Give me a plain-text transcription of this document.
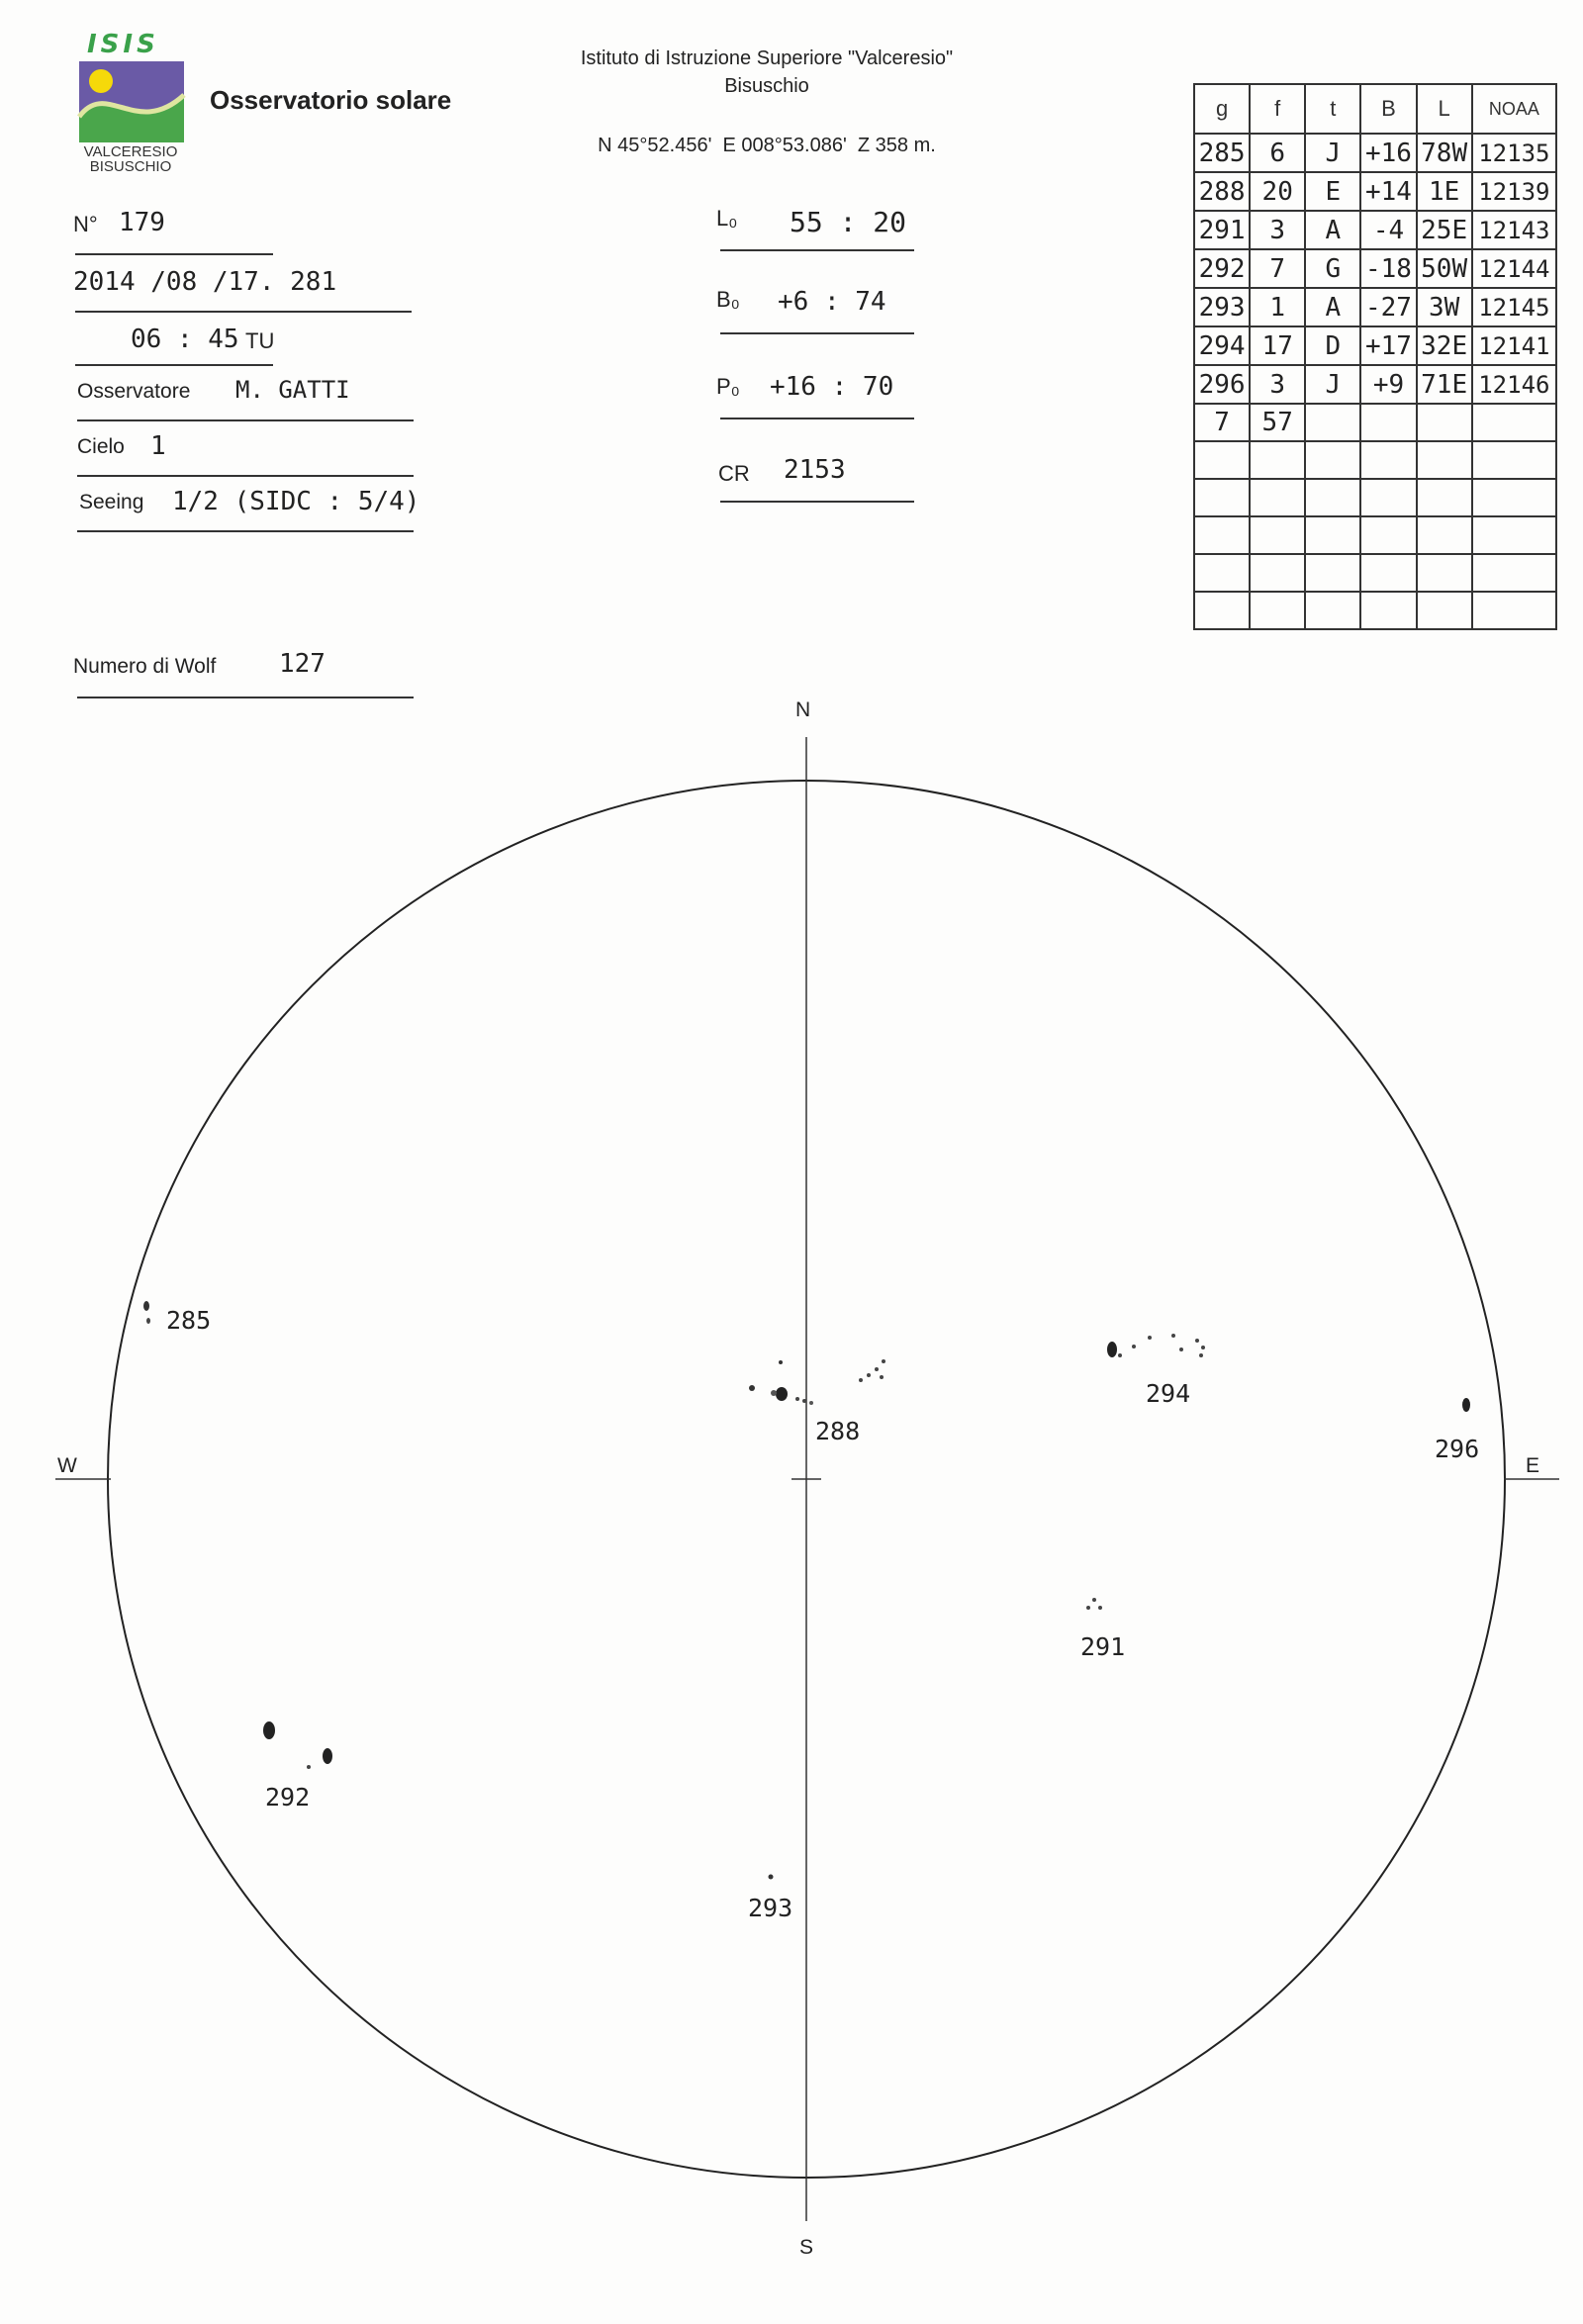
ISIS
VALCERESIO
BISUSCHIO
Osservatorio solare
Istituto di Istruzione Superiore "Valceresio"
Bisuschio
N 45°52.456'  E 008°53.086'  Z 358 m.
N° 179
2014 /08 /17. 281
06 : 45 TU
Osservatore M. GATTI
Cielo 1
Seeing 1/2 (SIDC : 5/4)
Numero di Wolf 127
L₀ 55 : 20
B₀ +6 : 74
P₀ +16 : 70
CR 2153
g	f	t	B	L	NOAA
285	6	J	+16	78W	12135
288	20	E	+14	1E	12139
291	3	A	-4	25E	12143
292	7	G	-18	50W	12144
293	1	A	-27	3W	12145
294	17	D	+17	32E	12141
296	3	J	+9	71E	12146
7	57				

N
S
W	E
285
288
294
296
291
292
293
